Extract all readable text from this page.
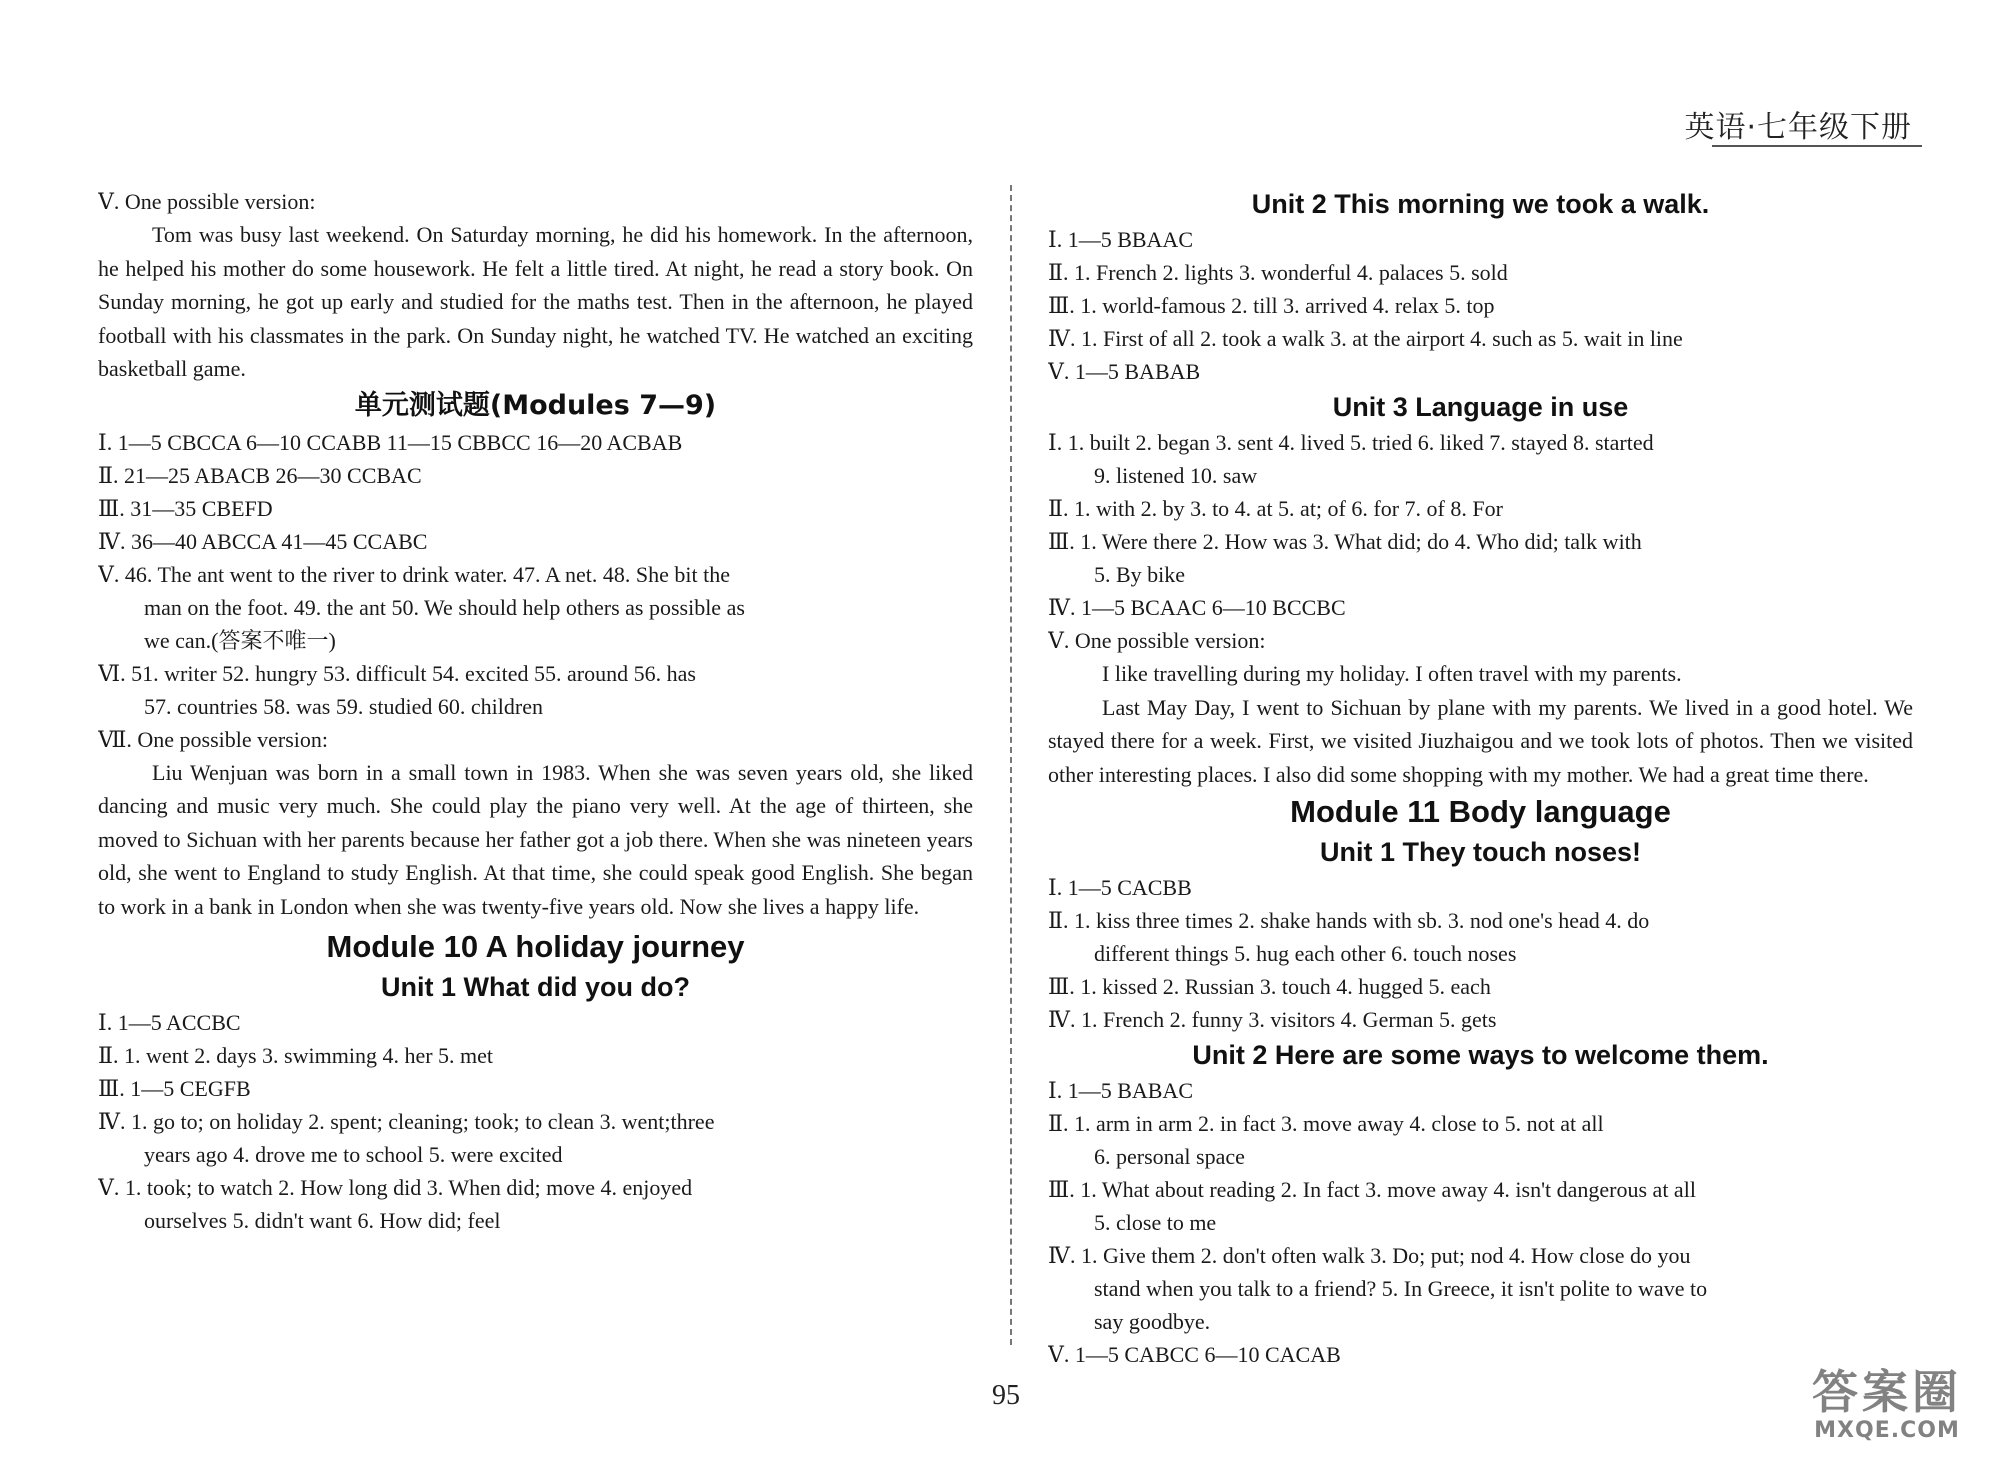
英语·七年级下册
Ⅴ. One possible version:

Tom was busy last weekend. On Saturday morning, he did his homework. In the afternoon, he helped his mother do some housework. He felt a little tired. At night, he read a story book. On Sunday morning, he got up early and studied for the maths test. Then in the afternoon, he played football with his classmates in the park. On Sunday night, he watched TV. He watched an exciting basketball game.

单元测试题(Modules 7—9)
Ⅰ. 1—5 CBCCA 6—10 CCABB 11—15 CBBCC 16—20 ACBAB
Ⅱ. 21—25 ABACB 26—30 CCBAC
Ⅲ. 31—35 CBEFD
Ⅳ. 36—40 ABCCA 41—45 CCABC
Ⅴ. 46. The ant went to the river to drink water. 47. A net. 48. She bit the
man on the foot. 49. the ant 50. We should help others as possible as
we can.(答案不唯一)
Ⅵ. 51. writer 52. hungry 53. difficult 54. excited 55. around 56. has
57. countries 58. was 59. studied 60. children
Ⅶ. One possible version:

Liu Wenjuan was born in a small town in 1983. When she was seven years old, she liked dancing and music very much. She could play the piano very well. At the age of thirteen, she moved to Sichuan with her parents because her father got a job there. When she was nineteen years old, she went to England to study English. At that time, she could speak good English. She began to work in a bank in London when she was twenty-five years old. Now she lives a happy life.

Module 10 A holiday journey
Unit 1 What did you do?
Ⅰ. 1—5 ACCBC
Ⅱ. 1. went 2. days 3. swimming 4. her 5. met
Ⅲ. 1—5 CEGFB
Ⅳ. 1. go to; on holiday 2. spent; cleaning; took; to clean 3. went;three
years ago 4. drove me to school 5. were excited
Ⅴ. 1. took; to watch 2. How long did 3. When did; move 4. enjoyed
ourselves 5. didn't want 6. How did; feel
Unit 2 This morning we took a walk.
Ⅰ. 1—5 BBAAC
Ⅱ. 1. French 2. lights 3. wonderful 4. palaces 5. sold
Ⅲ. 1. world-famous 2. till 3. arrived 4. relax 5. top
Ⅳ. 1. First of all 2. took a walk 3. at the airport 4. such as 5. wait in line
Ⅴ. 1—5 BABAB
Unit 3 Language in use
Ⅰ. 1. built 2. began 3. sent 4. lived 5. tried 6. liked 7. stayed 8. started
9. listened 10. saw
Ⅱ. 1. with 2. by 3. to 4. at 5. at; of 6. for 7. of 8. For
Ⅲ. 1. Were there 2. How was 3. What did; do 4. Who did; talk with
5. By bike
Ⅳ. 1—5 BCAAC 6—10 BCCBC
Ⅴ. One possible version:

I like travelling during my holiday. I often travel with my parents.

Last May Day, I went to Sichuan by plane with my parents. We lived in a good hotel. We stayed there for a week. First, we visited Jiuzhaigou and we took lots of photos. Then we visited other interesting places. I also did some shopping with my mother. We had a great time there.

Module 11 Body language
Unit 1 They touch noses!
Ⅰ. 1—5 CACBB
Ⅱ. 1. kiss three times 2. shake hands with sb. 3. nod one's head 4. do
different things 5. hug each other 6. touch noses
Ⅲ. 1. kissed 2. Russian 3. touch 4. hugged 5. each
Ⅳ. 1. French 2. funny 3. visitors 4. German 5. gets
Unit 2 Here are some ways to welcome them.
Ⅰ. 1—5 BABAC
Ⅱ. 1. arm in arm 2. in fact 3. move away 4. close to 5. not at all
6. personal space
Ⅲ. 1. What about reading 2. In fact 3. move away 4. isn't dangerous at all
5. close to me
Ⅳ. 1. Give them 2. don't often walk 3. Do; put; nod 4. How close do you
stand when you talk to a friend? 5. In Greece, it isn't polite to wave to
say goodbye.
Ⅴ. 1—5 CABCC 6—10 CACAB
95	答案圈
MXQE.COM
